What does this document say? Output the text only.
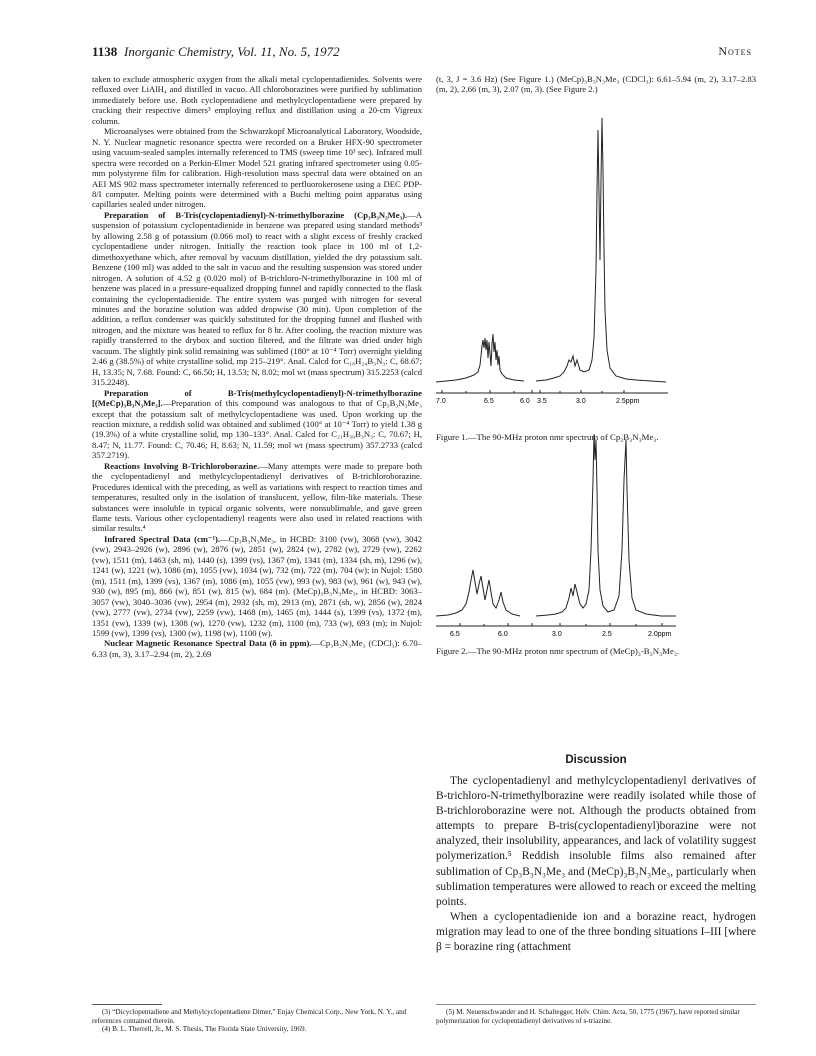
1138 Inorganic Chemistry, Vol. 11, No. 5, 1972	Notes

taken to exclude atmospheric oxygen from the alkali metal cyclopentadienides. Solvents were refluxed over LiAlH₄ and distilled in vacuo. All chloroborazines were purified by sublimation immediately before use. Both cyclopentadiene and methylcyclopentadiene were prepared by cracking their respective dimers³ employing reflux and distillation using a 20-cm Vigreux column.

Microanalyses were obtained from the Schwarzkopf Microanalytical Laboratory, Woodside, N. Y. Nuclear magnetic resonance spectra were recorded on a Bruker HFX-90 spectrometer using vacuum-sealed samples internally referenced to TMS (sweep time 10³ sec). Infrared mull spectra were recorded on a Perkin-Elmer Model 521 grating infrared spectrometer using 0.05-mm polystyrene film for calibration. High-resolution mass spectral data were obtained on an AEI MS 902 mass spectrometer internally referenced to perfluorokerosene using a DEC PDP-8/I computer. Melting points were determined with a Buchi melting point apparatus using capillaries sealed under nitrogen.

Preparation of B-Tris(cyclopentadienyl)-N-trimethylborazine (Cp₃B₃N₃Me₃).—A suspension of potassium cyclopentadienide in benzene was prepared using standard methods³ by allowing 2.58 g of potassium (0.066 mol) to react with a slight excess of freshly cracked cyclopentadiene under nitrogen. Initially the reaction took place in 100 ml of 1,2-dimethoxyethane which, after removal by vacuum distillation, yielded the dry potassium salt. Benzene (100 ml) was added to the salt in vacuo and the resulting suspension was stored under nitrogen. A solution of 4.52 g (0.020 mol) of B-trichloro-N-trimethylborazine in 100 ml of benzene was placed in a pressure-equalized dropping funnel and rapidly connected to the flask containing the cyclopentadienide. The entire system was purged with nitrogen for several minutes and the borazine solution was added dropwise (30 min). Upon completion of the addition, a reflux condenser was quickly substituted for the dropping funnel and flushed with nitrogen, and the mixture was heated to reflux for 8 hr. After cooling, the reaction mixture was rapidly transferred to the drybox and suction filtered, and the filtrate was dried under high vacuum. The slightly pink solid remaining was sublimed (180° at 10⁻⁴ Torr) overnight yielding 2.46 g (38.5%) of white crystalline solid, mp 215–219°. Anal. Calcd for C₁₈H₂₄B₃N₃: C, 68.67; H, 13.35; N, 7.68. Found: C, 66.50; H, 13.53; N, 8.02; mol wt (mass spectrum) 315.2253 (calcd 315.2248).

Preparation of B-Tris(methylcyclopentadienyl)-N-trimethylborazine [(MeCp)₃B₃N₃Me₃].—Preparation of this compound was analogous to that of Cp₃B₃N₃Me₃ except that the potassium salt of methylcyclopentadiene was used. Upon working up the reaction mixture, a reddish solid was obtained and sublimed (100° at 10⁻⁴ Torr) to yield 1.38 g (19.3%) of a white crystalline solid, mp 130–133°. Anal. Calcd for C₂₁H₃₀B₃N₃: C, 70.67; H, 8.47; N, 11.77. Found: C, 70.46; H, 8.63; N, 11.59; mol wt (mass spectrum) 357.2733 (calcd 357.2719).

Reactions Involving B-Trichloroborazine.—Many attempts were made to prepare both the cyclopentadienyl and methylcyclopentadienyl derivatives of B-trichloroborazine. Procedures identical with the preceding, as well as variations with respect to reaction times and temperatures, resulted only in the isolation of translucent, yellow, film-like materials. These substances were insoluble in typical organic solvents, were nonsublimable, and gave green flame tests. Various other cyclopentadienyl reagents were also used in related reactions with similar results.⁴

Infrared Spectral Data (cm⁻¹).—Cp₃B₃N₃Me₃, in HCBD: 3100 (vw), 3068 (vw), 3042 (vw), 2943–2926 (w), 2896 (w), 2876 (w), 2851 (w), 2824 (w), 2782 (w), 2729 (vw), 2262 (vw), 1511 (m), 1463 (sh, m), 1440 (s), 1399 (vs), 1367 (m), 1341 (m), 1334 (sh, m), 1296 (w), 1241 (w), 1221 (w), 1086 (m), 1055 (vw), 1034 (w), 732 (m), 722 (m), 704 (w); in Nujol: 1580 (m), 1511 (m), 1399 (vs), 1367 (m), 1086 (m), 1055 (vw), 993 (w), 983 (w), 961 (w), 943 (w), 930 (w), 895 (m), 866 (w), 851 (w), 815 (w), 684 (m). (MeCp)₃B₃N₃Me₃, in HCBD: 3063–3057 (vw), 3040–3036 (vw), 2954 (m), 2932 (sh, m), 2913 (m), 2871 (sh, w), 2856 (w), 2824 (vw), 2777 (vw), 2734 (vw), 2259 (vw), 1468 (m), 1465 (m), 1444 (s), 1399 (vs), 1372 (m), 1351 (vw), 1339 (w), 1308 (w), 1270 (vw), 1232 (m), 1100 (m), 733 (w), 693 (m); in Nujol: 1599 (vw), 1399 (vs), 1300 (w), 1198 (w), 1100 (w).

Nuclear Magnetic Resonance Spectral Data (δ in ppm).—Cp₃B₃N₃Me₃ (CDCl₃): 6.70–6.33 (m, 3), 3.17–2.94 (m, 2), 2.69

(3) “Dicyclopentadiene and Methylcyclopentadiene Dimer,” Enjay Chemical Corp., New York, N. Y., and references contained therein.

(4) B. L. Therrell, Jr., M. S. Thesis, The Florida State University, 1969.

(t, 3, J = 3.6 Hz) (See Figure 1.) (MeCp)₃B₃N₃Me₃ (CDCl₃): 6.61–5.94 (m, 2), 3.17–2.83 (m, 2), 2.66 (m, 3), 2.07 (m, 3). (See Figure 2.)

7.0	6.5	6.0 3.5	3.0	2.5ppm
Figure 1.—The 90-MHz proton nmr spectrum of Cp₃B₃N₃Me₃.
6.5	6.0	3.0	2.5	2.0ppm
Figure 2.—The 90-MHz proton nmr spectrum of (MeCp)₃-B₃N₃Me₃.
Discussion

The cyclopentadienyl and methylcyclopentadienyl derivatives of B-trichloro-N-trimethylborazine were readily isolated while those of B-trichloroborazine were not. Although the products obtained from attempts to prepare B-tris(cyclopentadienyl)borazine were not analyzed, their insolubility, appearances, and lack of volatility suggest polymerization.⁵ Reddish insoluble films also remained after sublimation of Cp₃B₃N₃Me₃ and (MeCp)₃B₃N₃Me₃, particularly when sublimation temperatures were allowed to reach or exceed the melting points.

When a cyclopentadienide ion and a borazine react, hydrogen migration may lead to one of the three bonding situations I–III [where β = borazine ring (attachment

(5) M. Neuenschwander and H. Schaltegger, Helv. Chim. Acta, 50, 1775 (1967), have reported similar polymerization for cyclopentadienyl derivatives of s-triazine.
